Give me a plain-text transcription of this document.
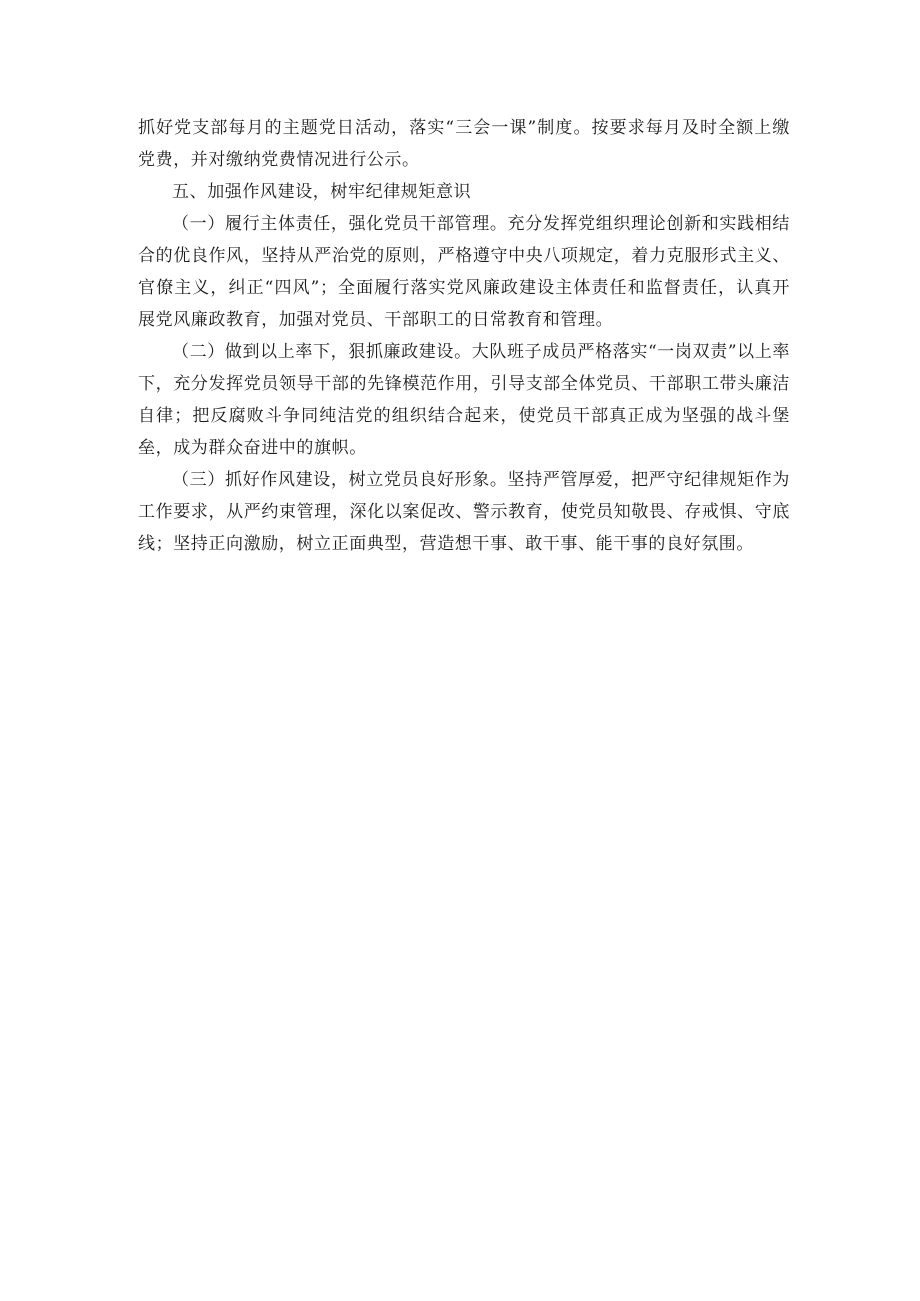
抓好党支部每月的主题党日活动，落实“三会一课”制度。按要求每月及时全额上缴党费，并对缴纳党费情况进行公示。

五、加强作风建设，树牢纪律规矩意识

（一）履行主体责任，强化党员干部管理。充分发挥党组织理论创新和实践相结合的优良作风，坚持从严治党的原则，严格遵守中央八项规定，着力克服形式主义、官僚主义，纠正“四风”；全面履行落实党风廉政建设主体责任和监督责任，认真开展党风廉政教育，加强对党员、干部职工的日常教育和管理。

（二）做到以上率下，狠抓廉政建设。大队班子成员严格落实“一岗双责”以上率下，充分发挥党员领导干部的先锋模范作用，引导支部全体党员、干部职工带头廉洁自律；把反腐败斗争同纯洁党的组织结合起来，使党员干部真正成为坚强的战斗堡垒，成为群众奋进中的旗帜。

（三）抓好作风建设，树立党员良好形象。坚持严管厚爱，把严守纪律规矩作为工作要求，从严约束管理，深化以案促改、警示教育，使党员知敬畏、存戒惧、守底线；坚持正向激励，树立正面典型，营造想干事、敢干事、能干事的良好氛围。
